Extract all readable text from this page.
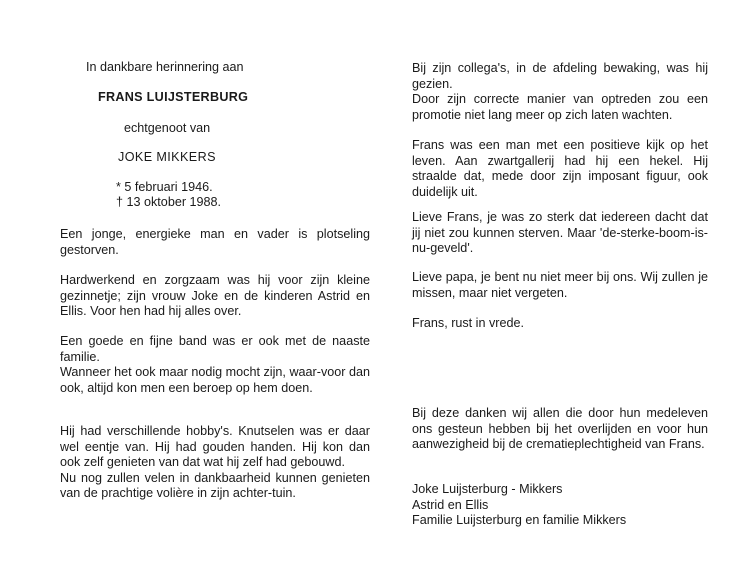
In dankbare herinnering aan
FRANS LUIJSTERBURG
echtgenoot van
JOKE MIKKERS
* 5 februari 1946.
† 13 oktober 1988.

Een jonge, energieke man en vader is plotseling gestorven.

Hardwerkend en zorgzaam was hij voor zijn kleine gezinnetje; zijn vrouw Joke en de kinderen Astrid en Ellis. Voor hen had hij alles over.

Een goede en fijne band was er ook met de naaste familie.

Wanneer het ook maar nodig mocht zijn, waar-voor dan ook, altijd kon men een beroep op hem doen.

Hij had verschillende hobby's. Knutselen was er daar wel eentje van. Hij had gouden handen. Hij kon dan ook zelf genieten van dat wat hij zelf had gebouwd.

Nu nog zullen velen in dankbaarheid kunnen genieten van de prachtige volière in zijn achter-tuin.

Bij zijn collega's, in de afdeling bewaking, was hij gezien.

Door zijn correcte manier van optreden zou een promotie niet lang meer op zich laten wachten.

Frans was een man met een positieve kijk op het leven. Aan zwartgallerij had hij een hekel. Hij straalde dat, mede door zijn imposant figuur, ook duidelijk uit.

Lieve Frans, je was zo sterk dat iedereen dacht dat jij niet zou kunnen sterven. Maar 'de-sterke-boom-is-nu-geveld'.

Lieve papa, je bent nu niet meer bij ons. Wij zullen je missen, maar niet vergeten.

Frans, rust in vrede.

Bij deze danken wij allen die door hun medeleven ons gesteun hebben bij het overlijden en voor hun aanwezigheid bij de crematieplechtigheid van Frans.

Joke Luijsterburg - Mikkers

Astrid en Ellis

Familie Luijsterburg en familie Mikkers
